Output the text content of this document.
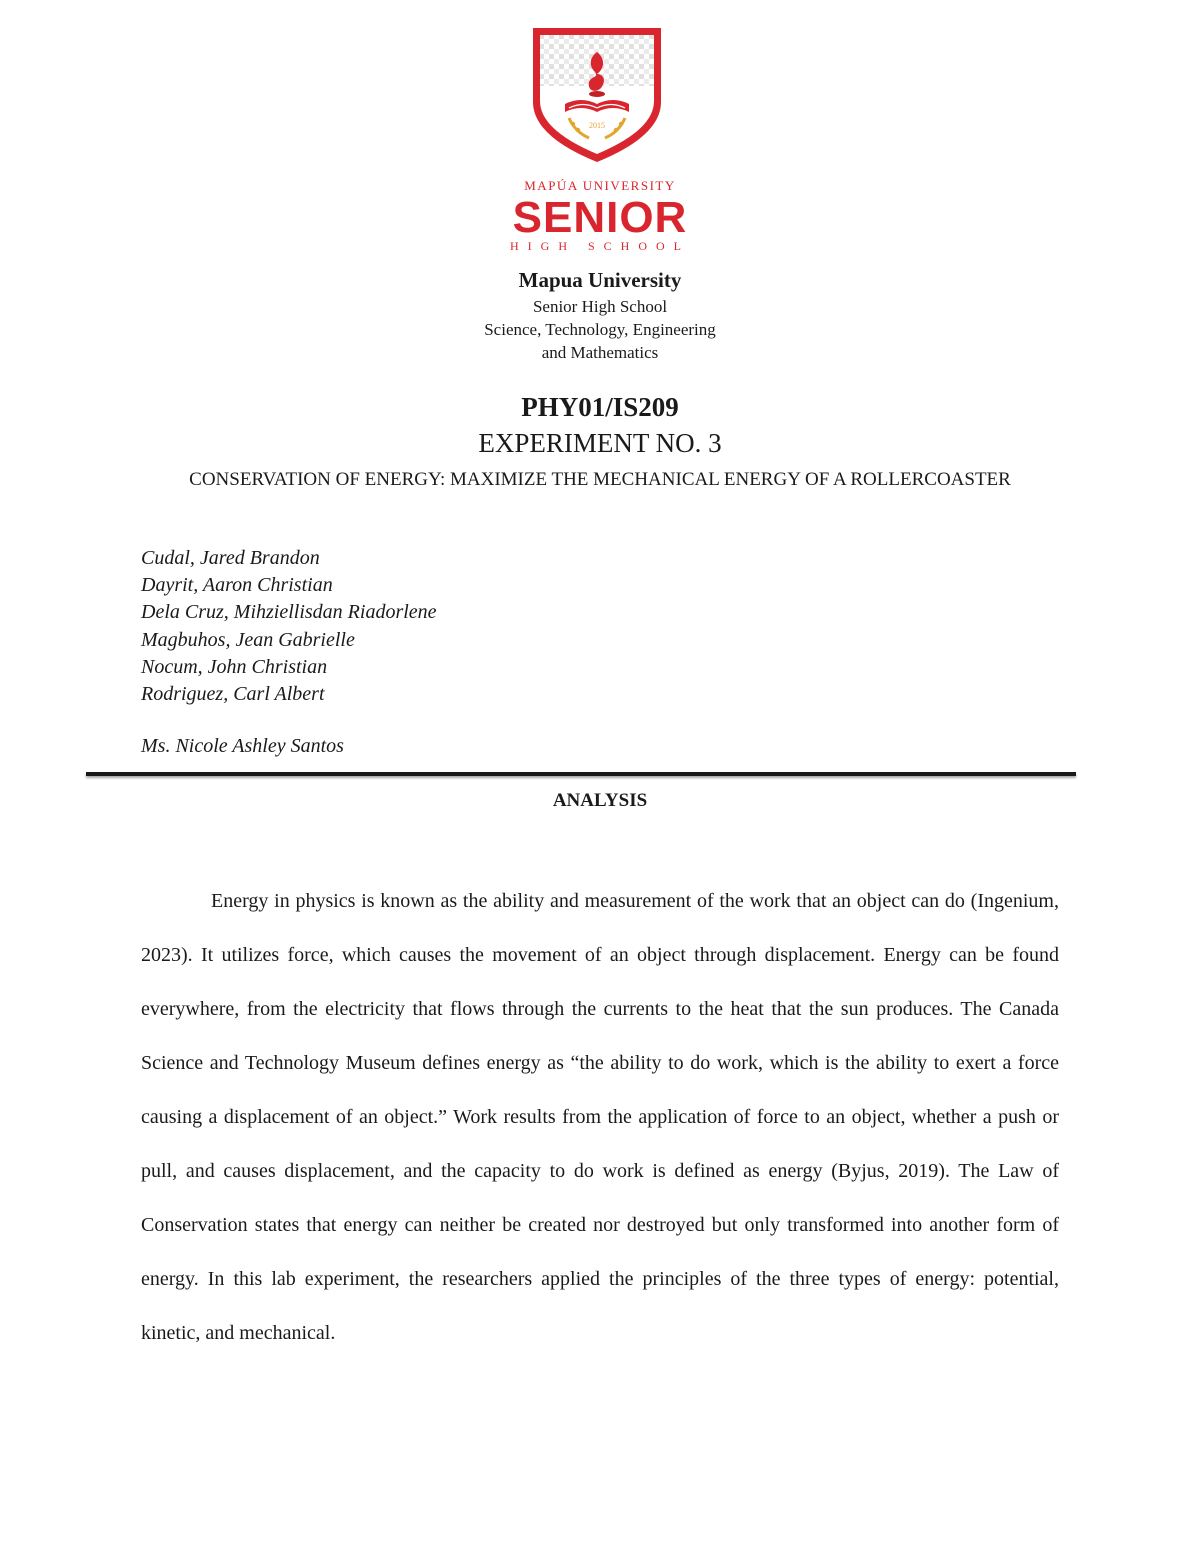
2015
MAPÚA UNIVERSITY
SENIOR
HIGH SCHOOL
Mapua University
Senior High School
Science, Technology, Engineering
and Mathematics
PHY01/IS209
EXPERIMENT NO. 3
CONSERVATION OF ENERGY: MAXIMIZE THE MECHANICAL ENERGY OF A ROLLERCOASTER
Cudal, Jared Brandon
Dayrit, Aaron Christian
Dela Cruz, Mihziellisdan Riadorlene
Magbuhos, Jean Gabrielle
Nocum, John Christian
Rodriguez, Carl Albert
Ms. Nicole Ashley Santos
ANALYSIS

Energy in physics is known as the ability and measurement of the work that an object can do (Ingenium, 2023). It utilizes force, which causes the movement of an object through displacement. Energy can be found everywhere, from the electricity that flows through the currents to the heat that the sun produces. The Canada Science and Technology Museum defines energy as “the ability to do work, which is the ability to exert a force causing a displacement of an object.” Work results from the application of force to an object, whether a push or pull, and causes displacement, and the capacity to do work is defined as energy (Byjus, 2019). The Law of Conservation states that energy can neither be created nor destroyed but only transformed into another form of energy. In this lab experiment, the researchers applied the principles of the three types of energy: potential, kinetic, and mechanical.
